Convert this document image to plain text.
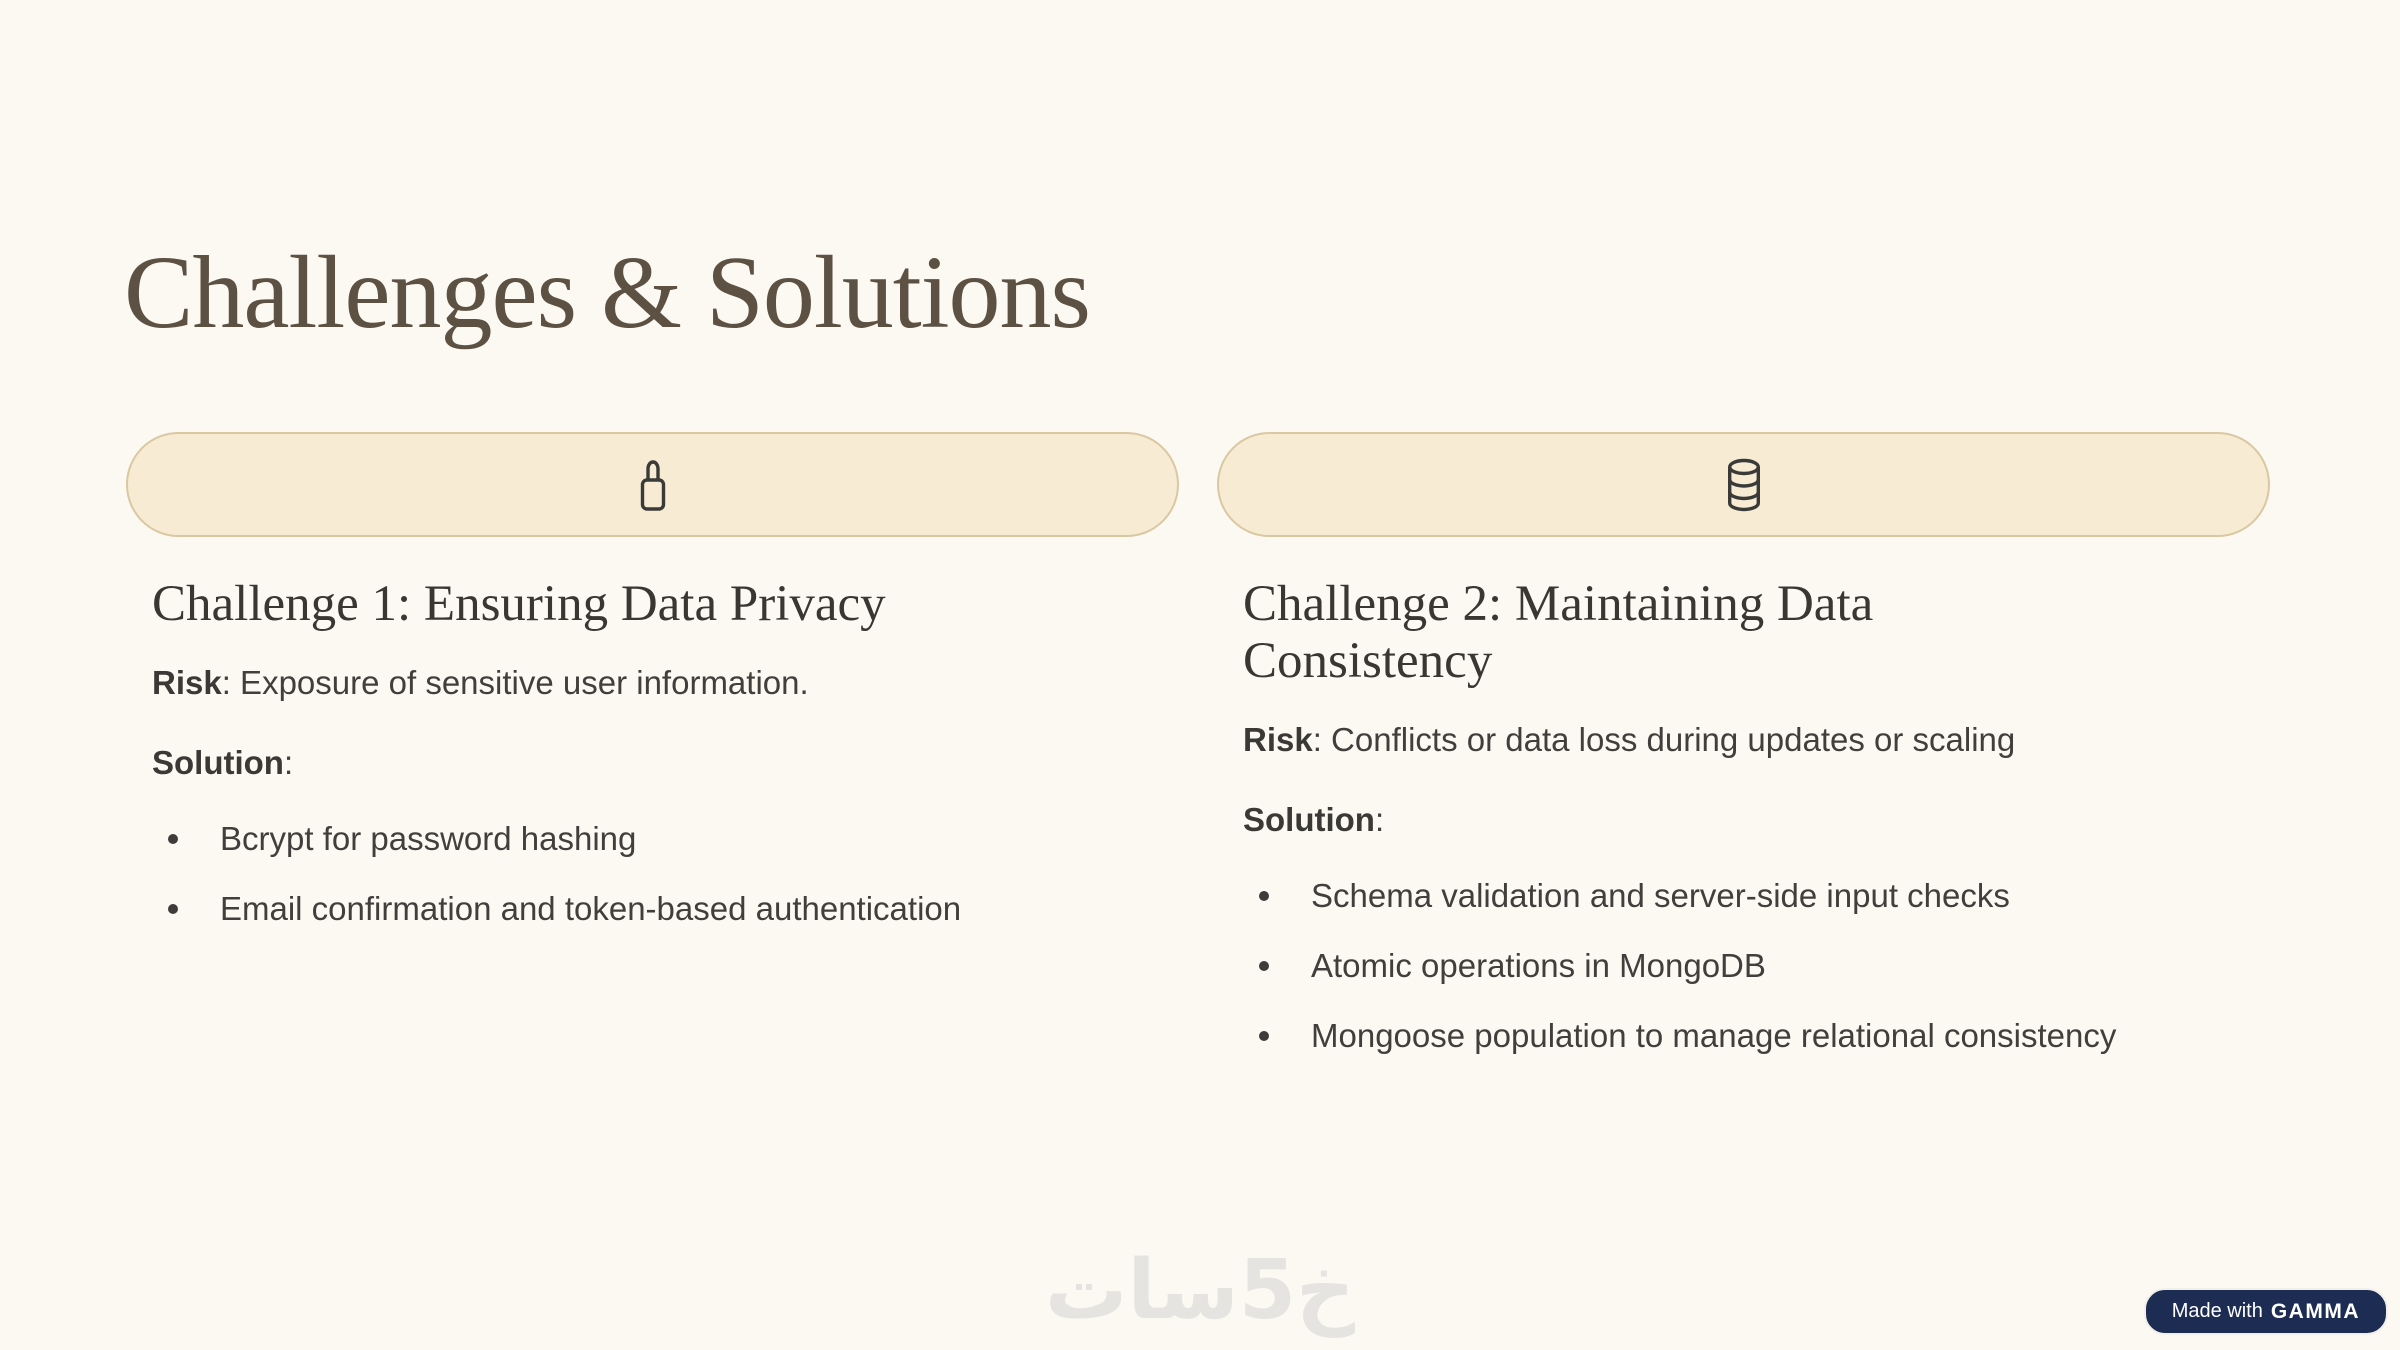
Challenges & Solutions
Challenge 1: Ensuring Data Privacy

Risk: Exposure of sensitive user information.

Solution:

Bcrypt for password hashing
Email confirmation and token-based authentication
Challenge 2: Maintaining Data Consistency

Risk: Conflicts or data loss during updates or scaling

Solution:

Schema validation and server-side input checks
Atomic operations in MongoDB
Mongoose population to manage relational consistency
خ5سات	Made with GAMMA
